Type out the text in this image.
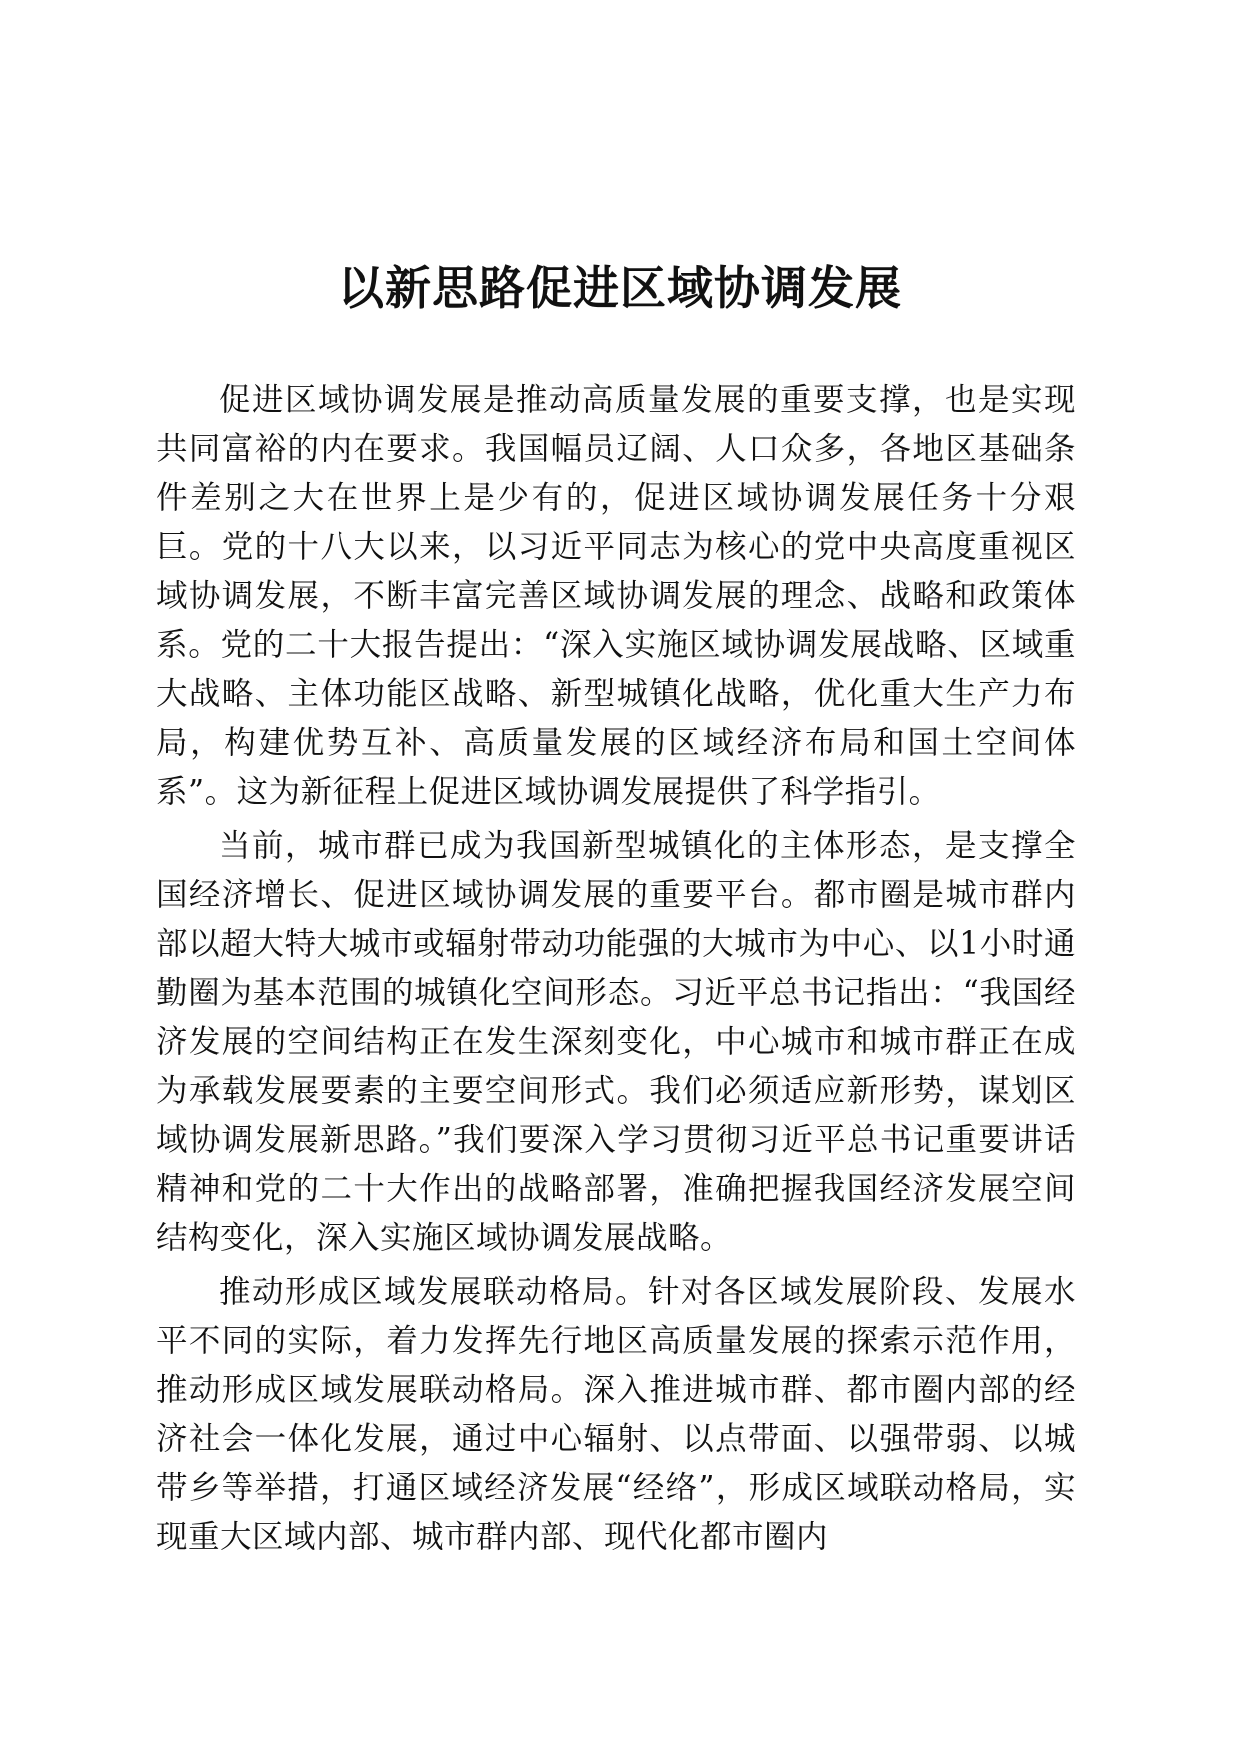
以新思路促进区域协调发展

促进区域协调发展是推动高质量发展的重要支撑，也是实现共同富裕的内在要求。我国幅员辽阔、人口众多，各地区基础条件差别之大在世界上是少有的，促进区域协调发展任务十分艰巨。党的十八大以来，以习近平同志为核心的党中央高度重视区域协调发展，不断丰富完善区域协调发展的理念、战略和政策体系。党的二十大报告提出：“深入实施区域协调发展战略、区域重大战略、主体功能区战略、新型城镇化战略，优化重大生产力布局，构建优势互补、高质量发展的区域经济布局和国土空间体系”。这为新征程上促进区域协调发展提供了科学指引。

当前，城市群已成为我国新型城镇化的主体形态，是支撑全国经济增长、促进区域协调发展的重要平台。都市圈是城市群内部以超大特大城市或辐射带动功能强的大城市为中心、以1小时通勤圈为基本范围的城镇化空间形态。习近平总书记指出：“我国经济发展的空间结构正在发生深刻变化，中心城市和城市群正在成为承载发展要素的主要空间形式。我们必须适应新形势，谋划区域协调发展新思路。”我们要深入学习贯彻习近平总书记重要讲话精神和党的二十大作出的战略部署，准确把握我国经济发展空间结构变化，深入实施区域协调发展战略。

推动形成区域发展联动格局。针对各区域发展阶段、发展水平不同的实际，着力发挥先行地区高质量发展的探索示范作用，推动形成区域发展联动格局。深入推进城市群、都市圈内部的经济社会一体化发展，通过中心辐射、以点带面、以强带弱、以城带乡等举措，打通区域经济发展“经络”，形成区域联动格局，实现重大区域内部、城市群内部、现代化都市圈内
